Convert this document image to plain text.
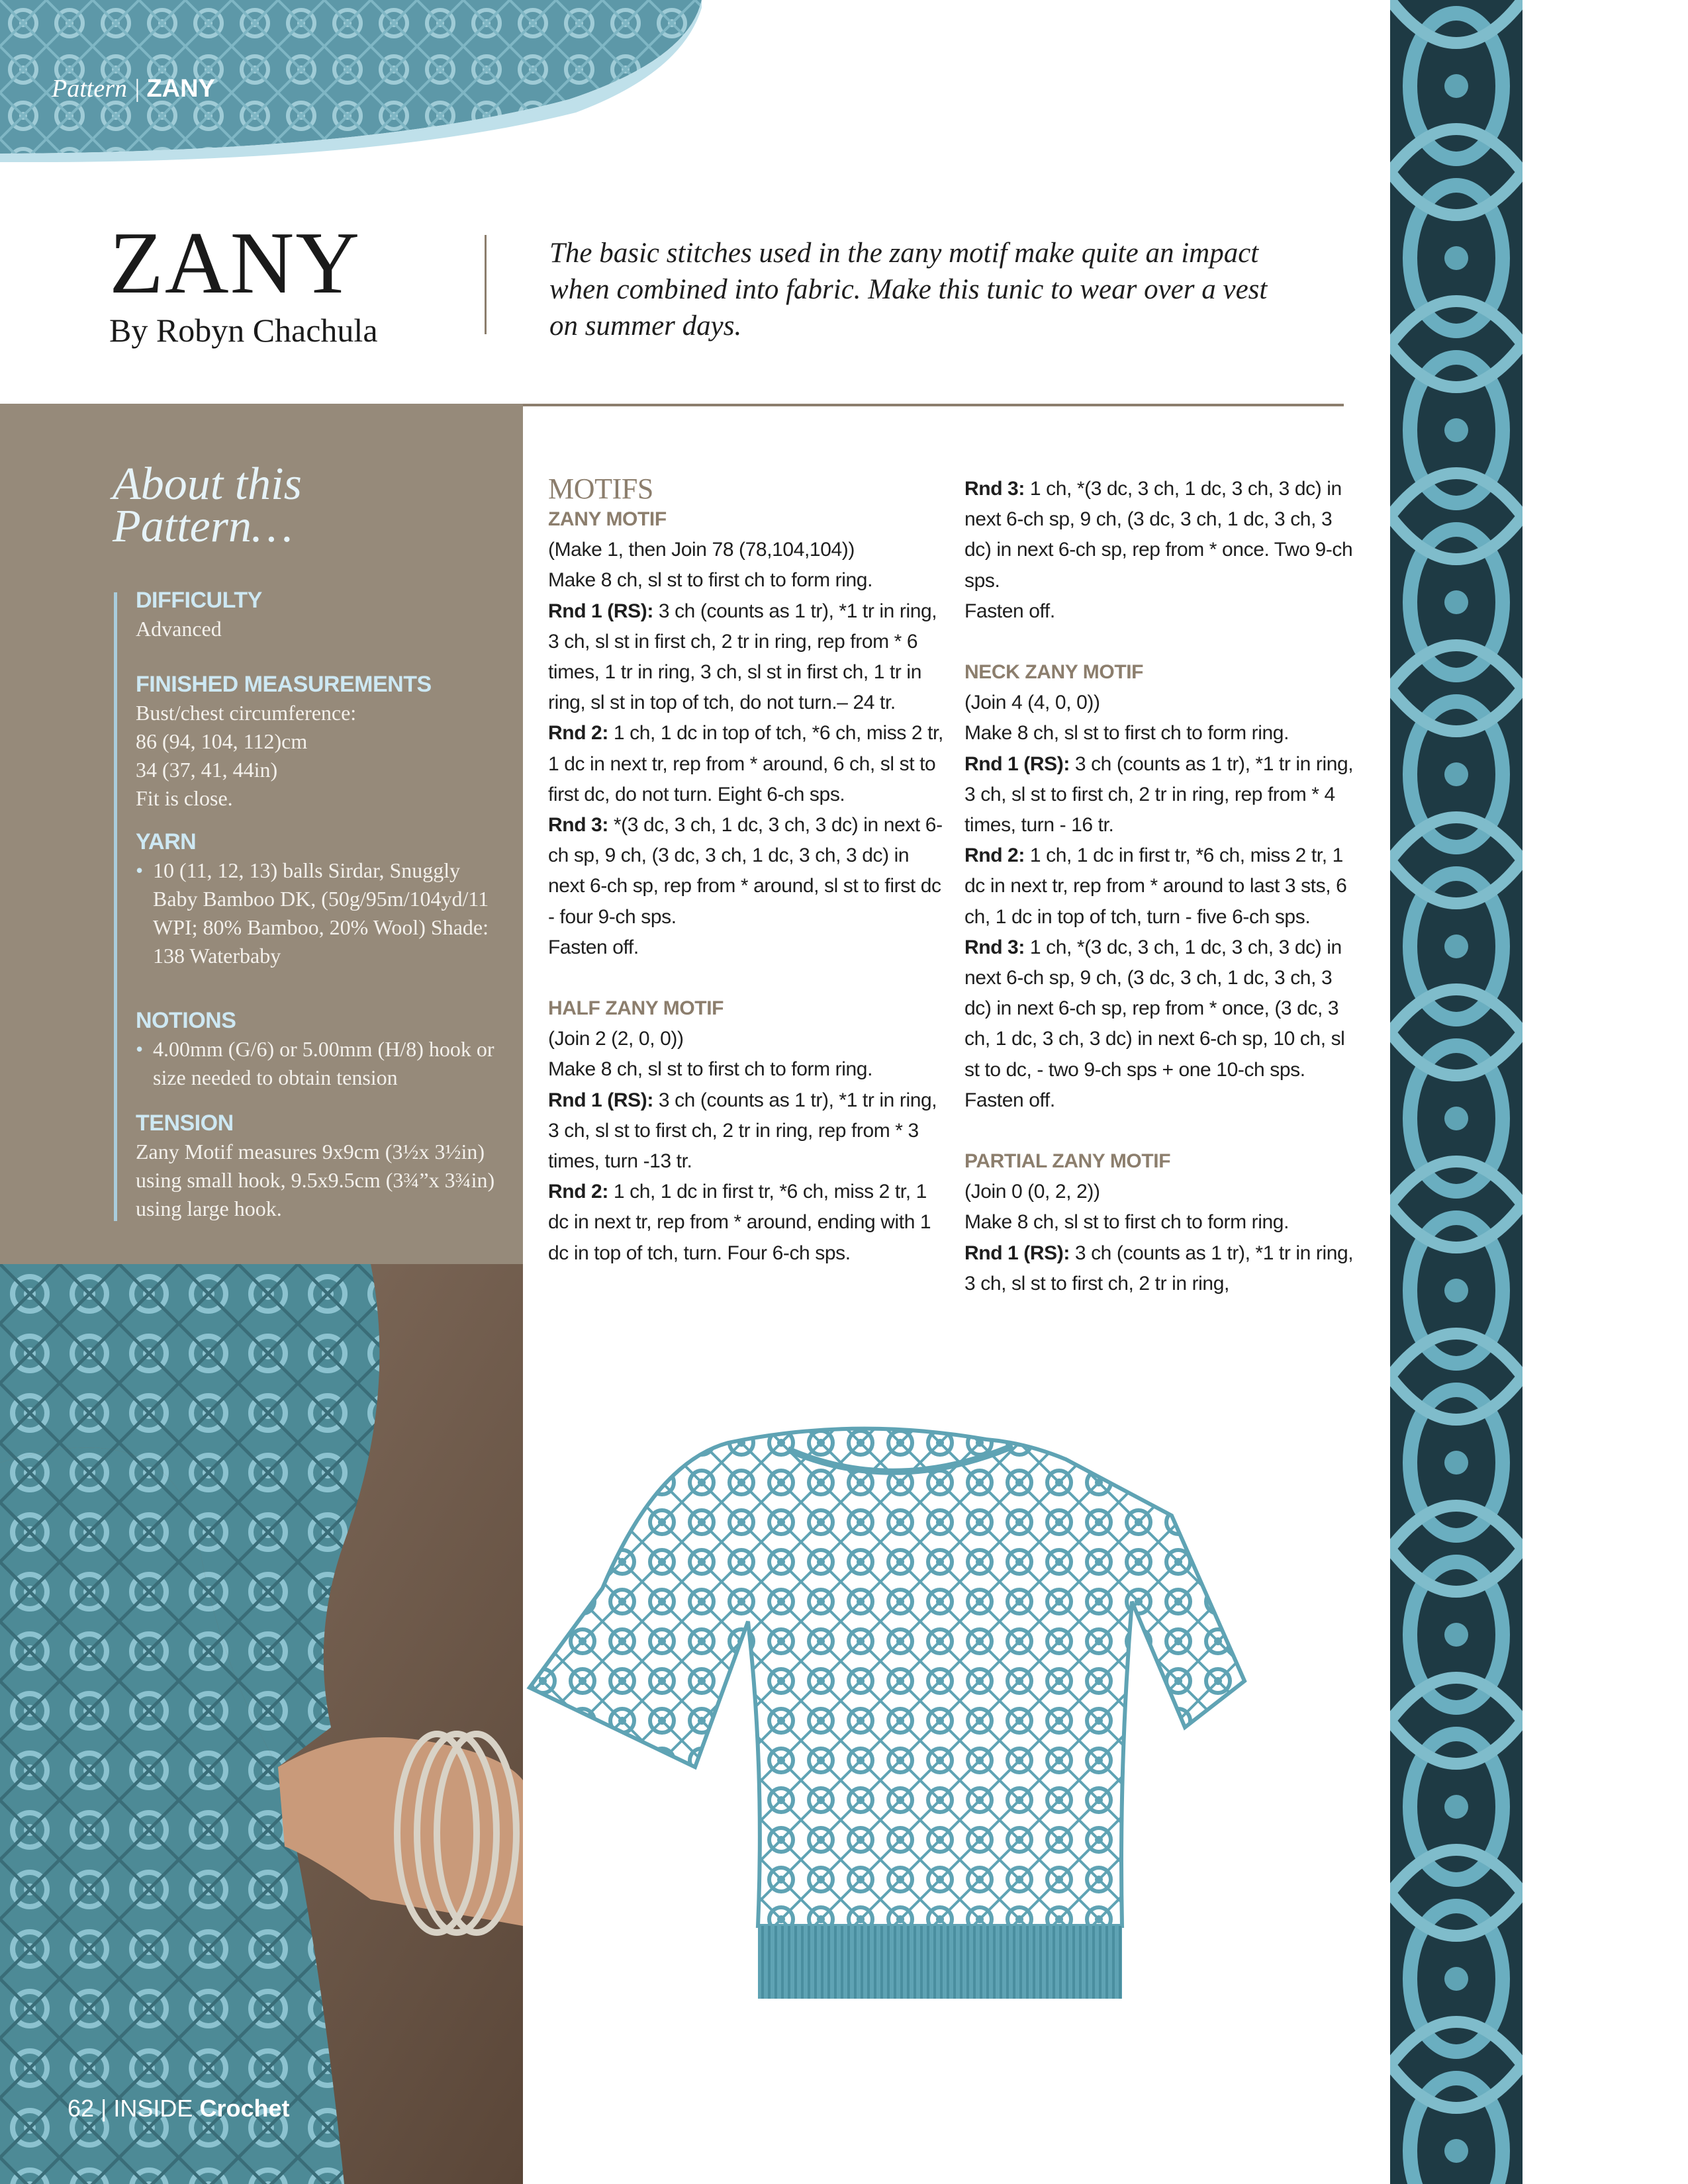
Pattern | ZANY
ZANY
By Robyn Chachula
The basic stitches used in the zany motif make quite an impact when combined into fabric. Make this tunic to wear over a vest on summer days.
About this
Pattern…
DIFFICULTY
Advanced
FINISHED MEASUREMENTS
Bust/chest circumference:
86 (94, 104, 112)cm
34 (37, 41, 44in)
Fit is close.
YARN
• 10 (11, 12, 13) balls Sirdar, Snuggly Baby Bamboo DK, (50g/95m/104yd/11 WPI; 80% Bamboo, 20% Wool) Shade: 138 Waterbaby
NOTIONS
• 4.00mm (G/6) or 5.00mm (H/8) hook or size needed to obtain tension
TENSION
Zany Motif measures 9x9cm (3½x 3½in) using small hook, 9.5x9.5cm (3¾”x 3¾in) using large hook.
MOTIFS
ZANY MOTIF
(Make 1, then Join 78 (78,104,104))
Make 8 ch, sl st to first ch to form ring.
Rnd 1 (RS): 3 ch (counts as 1 tr), *1 tr in ring, 3 ch, sl st in first ch, 2 tr in ring, rep from * 6 times, 1 tr in ring, 3 ch, sl st in first ch, 1 tr in ring, sl st in top of tch, do not turn.– 24 tr.
Rnd 2: 1 ch, 1 dc in top of tch, *6 ch, miss 2 tr, 1 dc in next tr, rep from * around, 6 ch, sl st to first dc, do not turn. Eight 6-ch sps.
Rnd 3: *(3 dc, 3 ch, 1 dc, 3 ch, 3 dc) in next 6-ch sp, 9 ch, (3 dc, 3 ch, 1 dc, 3 ch, 3 dc) in next 6-ch sp, rep from * around, sl st to first dc - four 9-ch sps.
Fasten off.
HALF ZANY MOTIF
(Join 2 (2, 0, 0))
Make 8 ch, sl st to first ch to form ring.
Rnd 1 (RS): 3 ch (counts as 1 tr), *1 tr in ring, 3 ch, sl st to first ch, 2 tr in ring, rep from * 3 times, turn -13 tr.
Rnd 2: 1 ch, 1 dc in first tr, *6 ch, miss 2 tr, 1 dc in next tr, rep from * around, ending with 1 dc in top of tch, turn. Four 6-ch sps.
Rnd 3: 1 ch, *(3 dc, 3 ch, 1 dc, 3 ch, 3 dc) in next 6-ch sp, 9 ch, (3 dc, 3 ch, 1 dc, 3 ch, 3 dc) in next 6-ch sp, rep from * once. Two 9-ch sps.
Fasten off.
NECK ZANY MOTIF
(Join 4 (4, 0, 0))
Make 8 ch, sl st to first ch to form ring.
Rnd 1 (RS): 3 ch (counts as 1 tr), *1 tr in ring, 3 ch, sl st to first ch, 2 tr in ring, rep from * 4 times, turn - 16 tr.
Rnd 2: 1 ch, 1 dc in first tr, *6 ch, miss 2 tr, 1 dc in next tr, rep from * around to last 3 sts, 6 ch, 1 dc in top of tch, turn - five 6-ch sps.
Rnd 3: 1 ch, *(3 dc, 3 ch, 1 dc, 3 ch, 3 dc) in next 6-ch sp, 9 ch, (3 dc, 3 ch, 1 dc, 3 ch, 3 dc) in next 6-ch sp, rep from * once, (3 dc, 3 ch, 1 dc, 3 ch, 3 dc) in next 6-ch sp, 10 ch, sl st to dc, - two 9-ch sps + one 10-ch sps.
Fasten off.
PARTIAL ZANY MOTIF
(Join 0 (0, 2, 2))
Make 8 ch, sl st to first ch to form ring.
Rnd 1 (RS): 3 ch (counts as 1 tr), *1 tr in ring, 3 ch, sl st to first ch, 2 tr in ring,
62 | INSIDE Crochet
